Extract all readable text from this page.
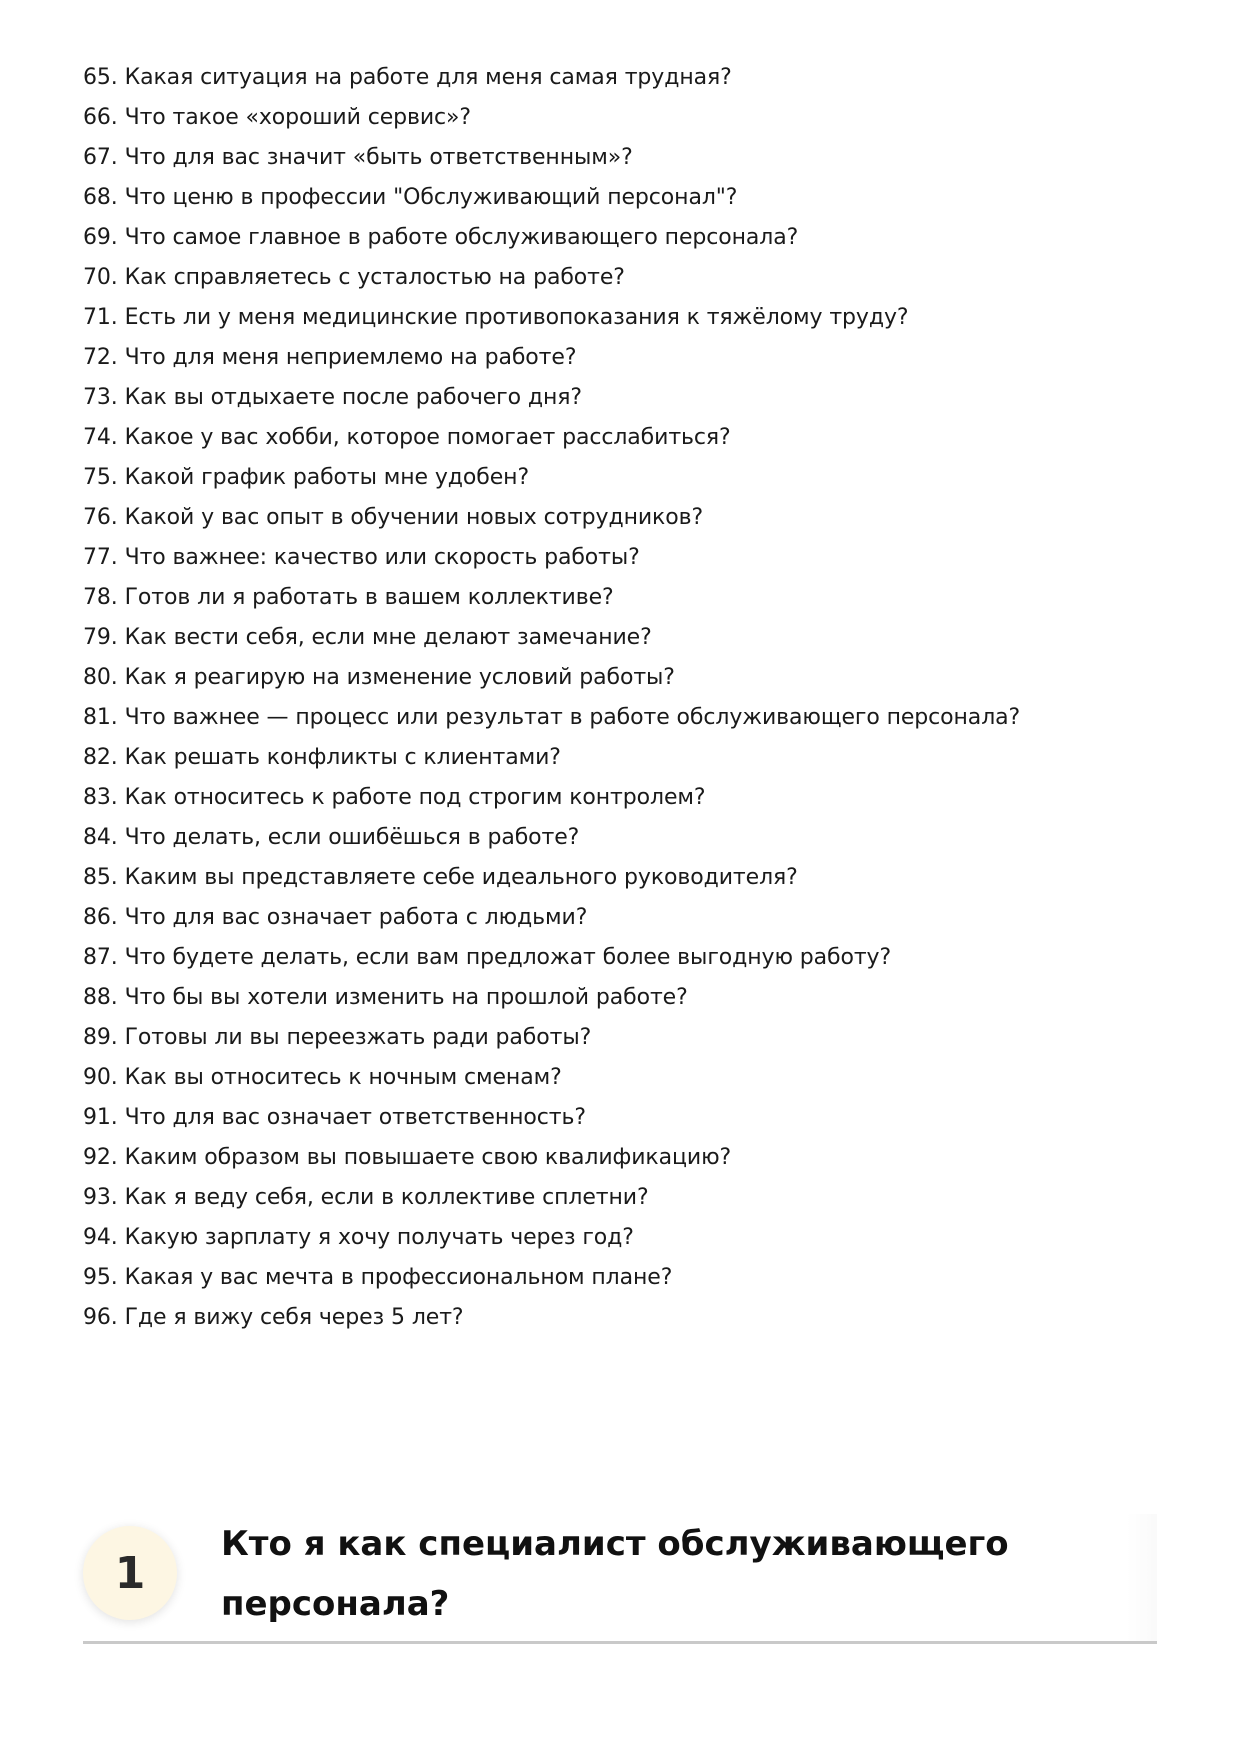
65. Какая ситуация на работе для меня самая трудная?
66. Что такое «хороший сервис»?
67. Что для вас значит «быть ответственным»?
68. Что ценю в профессии "Обслуживающий персонал"?
69. Что самое главное в работе обслуживающего персонала?
70. Как справляетесь с усталостью на работе?
71. Есть ли у меня медицинские противопоказания к тяжёлому труду?
72. Что для меня неприемлемо на работе?
73. Как вы отдыхаете после рабочего дня?
74. Какое у вас хобби, которое помогает расслабиться?
75. Какой график работы мне удобен?
76. Какой у вас опыт в обучении новых сотрудников?
77. Что важнее: качество или скорость работы?
78. Готов ли я работать в вашем коллективе?
79. Как вести себя, если мне делают замечание?
80. Как я реагирую на изменение условий работы?
81. Что важнее — процесс или результат в работе обслуживающего персонала?
82. Как решать конфликты с клиентами?
83. Как относитесь к работе под строгим контролем?
84. Что делать, если ошибёшься в работе?
85. Каким вы представляете себе идеального руководителя?
86. Что для вас означает работа с людьми?
87. Что будете делать, если вам предложат более выгодную работу?
88. Что бы вы хотели изменить на прошлой работе?
89. Готовы ли вы переезжать ради работы?
90. Как вы относитесь к ночным сменам?
91. Что для вас означает ответственность?
92. Каким образом вы повышаете свою квалификацию?
93. Как я веду себя, если в коллективе сплетни?
94. Какую зарплату я хочу получать через год?
95. Какая у вас мечта в профессиональном плане?
96. Где я вижу себя через 5 лет?
1
Кто я как специалист обслуживающего персонала?
